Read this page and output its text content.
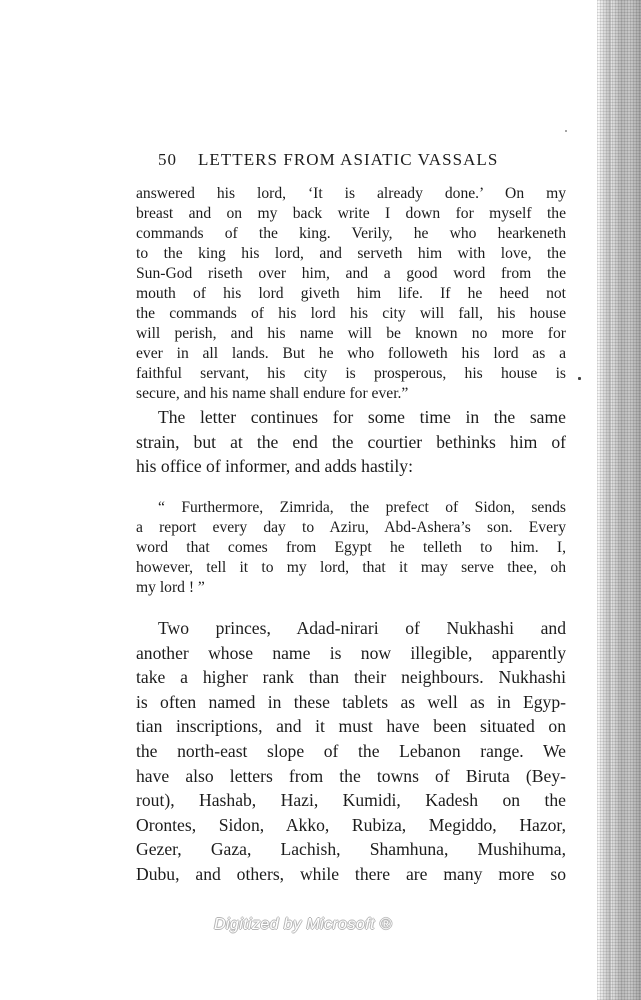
50 LETTERS FROM ASIATIC VASSALS
answered his lord, ‘It is already done.’ On my
breast and on my back write I down for myself the
commands of the king. Verily, he who hearkeneth
to the king his lord, and serveth him with love, the
Sun-God riseth over him, and a good word from the
mouth of his lord giveth him life. If he heed not
the commands of his lord his city will fall, his house
will perish, and his name will be known no more for
ever in all lands. But he who followeth his lord as a
faithful servant, his city is prosperous, his house is
secure, and his name shall endure for ever.”
The letter continues for some time in the same
strain, but at the end the courtier bethinks him of
his office of informer, and adds hastily:
“ Furthermore, Zimrida, the prefect of Sidon, sends
a report every day to Aziru, Abd-Ashera’s son. Every
word that comes from Egypt he telleth to him. I,
however, tell it to my lord, that it may serve thee, oh
my lord ! ”
Two princes, Adad-nirari of Nukhashi and
another whose name is now illegible, apparently
take a higher rank than their neighbours. Nukhashi
is often named in these tablets as well as in Egyp-
tian inscriptions, and it must have been situated on
the north-east slope of the Lebanon range. We
have also letters from the towns of Biruta (Bey-
rout), Hashab, Hazi, Kumidi, Kadesh on the
Orontes, Sidon, Akko, Rubiza, Megiddo, Hazor,
Gezer, Gaza, Lachish, Shamhuna, Mushihuma,
Dubu, and others, while there are many more so
Digitized by Microsoft ®
